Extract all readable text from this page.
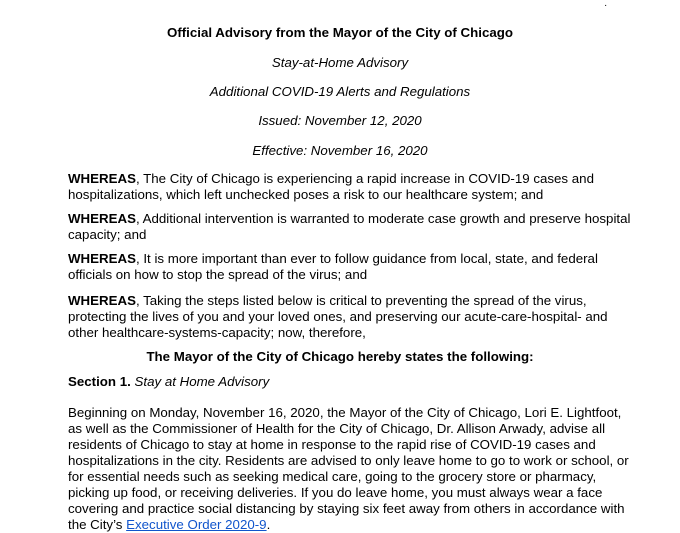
·
Official Advisory from the Mayor of the City of Chicago
Stay-at-Home Advisory
Additional COVID-19 Alerts and Regulations
Issued: November 12, 2020
Effective: November 16, 2020
WHEREAS, The City of Chicago is experiencing a rapid increase in COVID-19 cases and
hospitalizations, which left unchecked poses a risk to our healthcare system; and
WHEREAS, Additional intervention is warranted to moderate case growth and preserve hospital
capacity; and
WHEREAS, It is more important than ever to follow guidance from local, state, and federal
officials on how to stop the spread of the virus; and
WHEREAS, Taking the steps listed below is critical to preventing the spread of the virus,
protecting the lives of you and your loved ones, and preserving our acute-care-hospital- and
other healthcare-systems-capacity; now, therefore,
The Mayor of the City of Chicago hereby states the following:
Section 1. Stay at Home Advisory
Beginning on Monday, November 16, 2020, the Mayor of the City of Chicago, Lori E. Lightfoot,
as well as the Commissioner of Health for the City of Chicago, Dr. Allison Arwady, advise all
residents of Chicago to stay at home in response to the rapid rise of COVID-19 cases and
hospitalizations in the city. Residents are advised to only leave home to go to work or school, or
for essential needs such as seeking medical care, going to the grocery store or pharmacy,
picking up food, or receiving deliveries. If you do leave home, you must always wear a face
covering and practice social distancing by staying six feet away from others in accordance with
the City’s Executive Order 2020-9.
